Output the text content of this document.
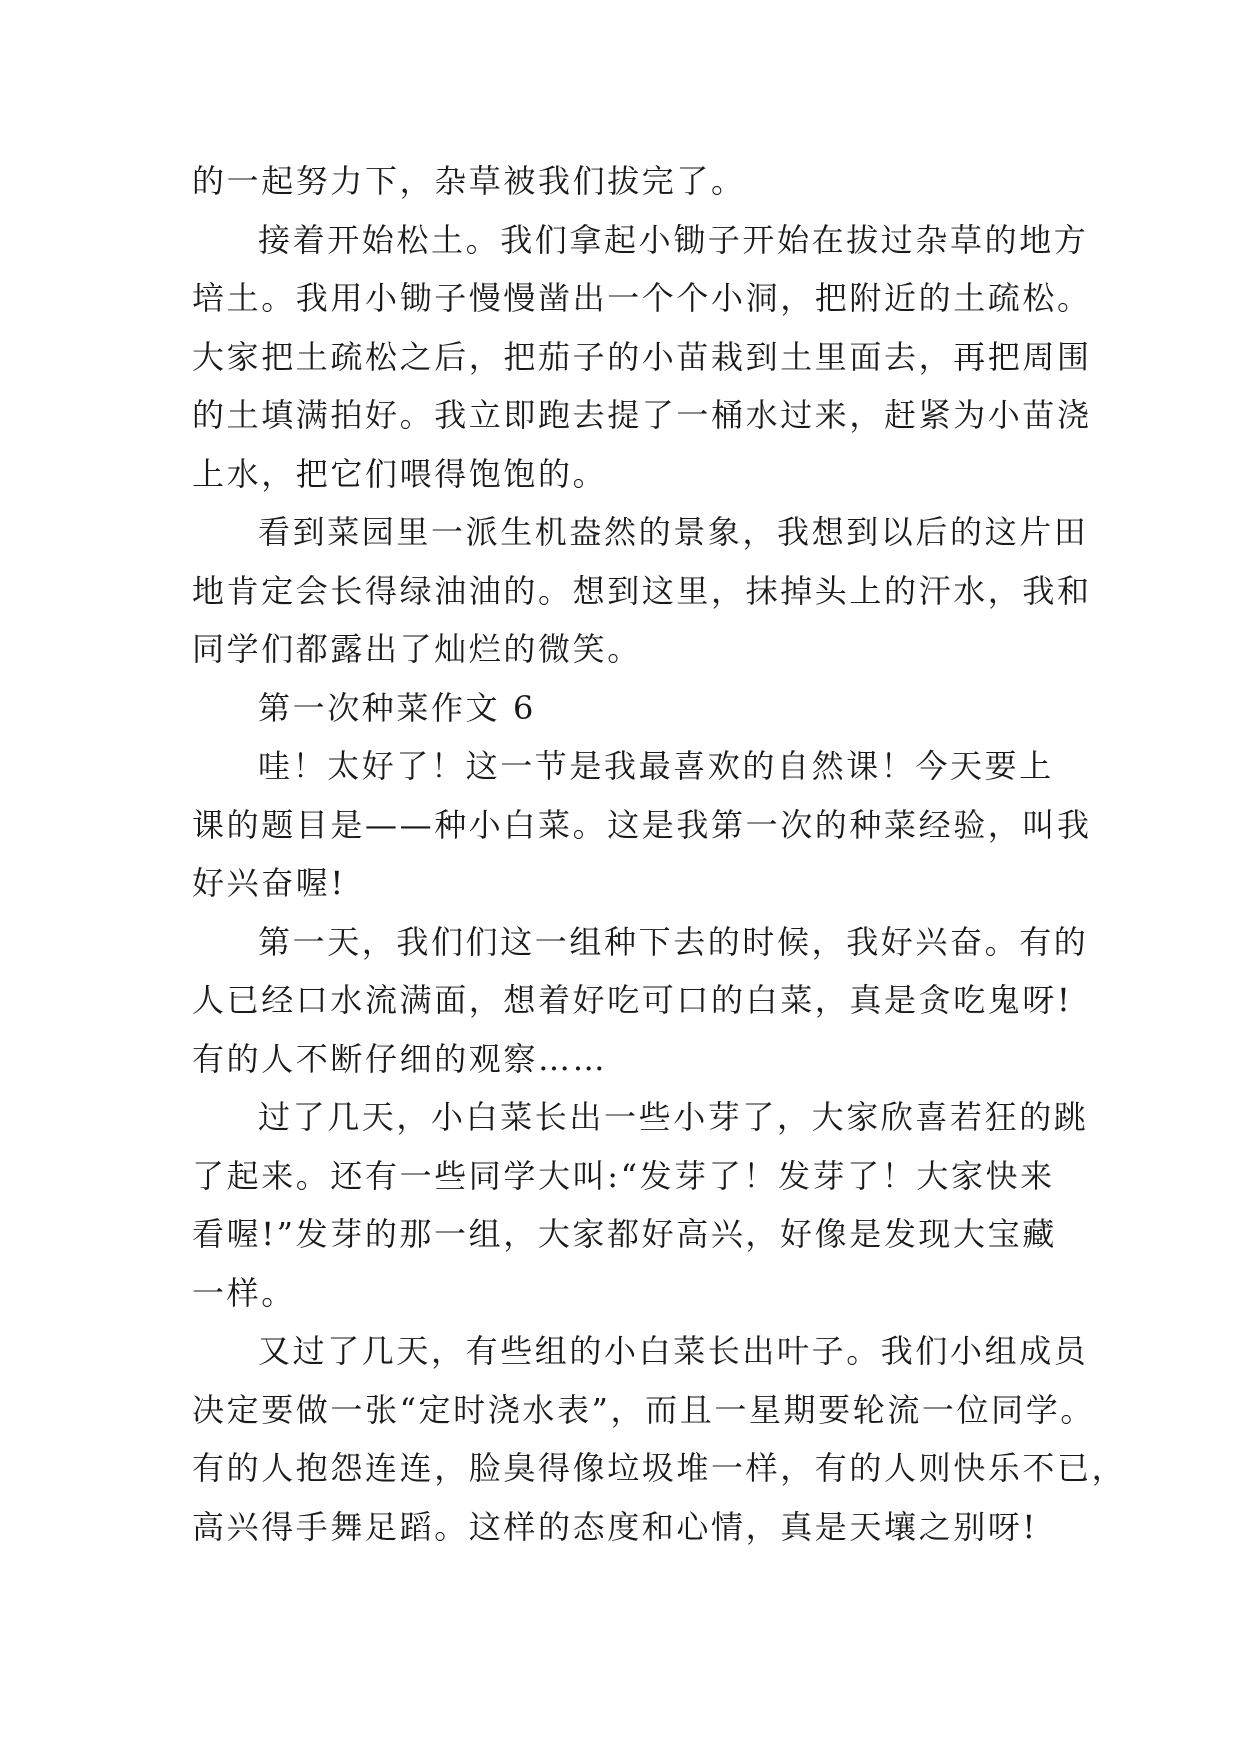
的一起努力下，杂草被我们拔完了。
接着开始松土。我们拿起小锄子开始在拔过杂草的地方
培土。我用小锄子慢慢凿出一个个小洞，把附近的土疏松。
大家把土疏松之后，把茄子的小苗栽到土里面去，再把周围
的土填满拍好。我立即跑去提了一桶水过来，赶紧为小苗浇
上水，把它们喂得饱饱的。
看到菜园里一派生机盎然的景象，我想到以后的这片田
地肯定会长得绿油油的。想到这里，抹掉头上的汗水，我和
同学们都露出了灿烂的微笑。
第一次种菜作文 6
哇！太好了！这一节是我最喜欢的自然课！今天要上
课的题目是——种小白菜。这是我第一次的种菜经验，叫我
好兴奋喔!
第一天，我们们这一组种下去的时候，我好兴奋。有的
人已经口水流满面，想着好吃可口的白菜，真是贪吃鬼呀!
有的人不断仔细的观察……
过了几天，小白菜长出一些小芽了，大家欣喜若狂的跳
了起来。还有一些同学大叫:“发芽了！发芽了！大家快来
看喔!”发芽的那一组，大家都好高兴，好像是发现大宝藏
一样。
又过了几天，有些组的小白菜长出叶子。我们小组成员
决定要做一张“定时浇水表”，而且一星期要轮流一位同学。
有的人抱怨连连，脸臭得像垃圾堆一样，有的人则快乐不已，
高兴得手舞足蹈。这样的态度和心情，真是天壤之别呀!
